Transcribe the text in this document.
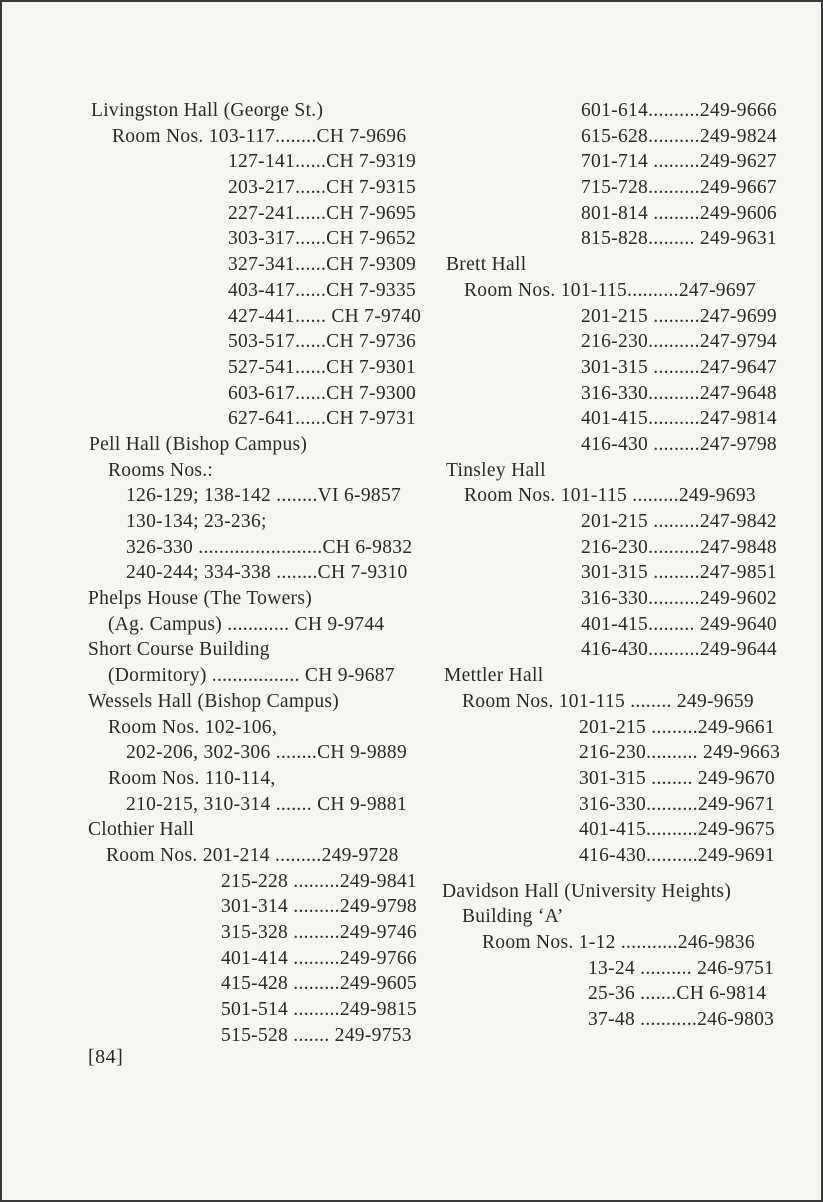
Livingston Hall (George St.)
Room Nos. 103-117........CH 7-9696
127-141......CH 7-9319
203-217......CH 7-9315
227-241......CH 7-9695
303-317......CH 7-9652
327-341......CH 7-9309
403-417......CH 7-9335
427-441...... CH 7-9740
503-517......CH 7-9736
527-541......CH 7-9301
603-617......CH 7-9300
627-641......CH 7-9731
Pell Hall (Bishop Campus)
Rooms Nos.:
126-129; 138-142 ........VI 6-9857
130-134; 23-236;
326-330 ........................CH 6-9832
240-244; 334-338 ........CH 7-9310
Phelps House (The Towers)
(Ag. Campus) ............ CH 9-9744
Short Course Building
(Dormitory) ................. CH 9-9687
Wessels Hall (Bishop Campus)
Room Nos. 102-106,
202-206, 302-306 ........CH 9-9889
Room Nos. 110-114,
210-215, 310-314 ....... CH 9-9881
Clothier Hall
Room Nos. 201-214 .........249-9728
215-228 .........249-9841
301-314 .........249-9798
315-328 .........249-9746
401-414 .........249-9766
415-428 .........249-9605
501-514 .........249-9815
515-528 ....... 249-9753
601-614..........249-9666
615-628..........249-9824
701-714 .........249-9627
715-728..........249-9667
801-814 .........249-9606
815-828......... 249-9631
Brett Hall
Room Nos. 101-115..........247-9697
201-215 .........247-9699
216-230..........247-9794
301-315 .........247-9647
316-330..........247-9648
401-415..........247-9814
416-430 .........247-9798
Tinsley Hall
Room Nos. 101-115 .........249-9693
201-215 .........247-9842
216-230..........247-9848
301-315 .........247-9851
316-330..........249-9602
401-415......... 249-9640
416-430..........249-9644
Mettler Hall
Room Nos. 101-115 ........ 249-9659
201-215 .........249-9661
216-230.......... 249-9663
301-315 ........ 249-9670
316-330..........249-9671
401-415..........249-9675
416-430..........249-9691
Davidson Hall (University Heights)
Building ‘A’
Room Nos. 1-12 ...........246-9836
13-24 .......... 246-9751
25-36 .......CH 6-9814
37-48 ...........246-9803
[84]
